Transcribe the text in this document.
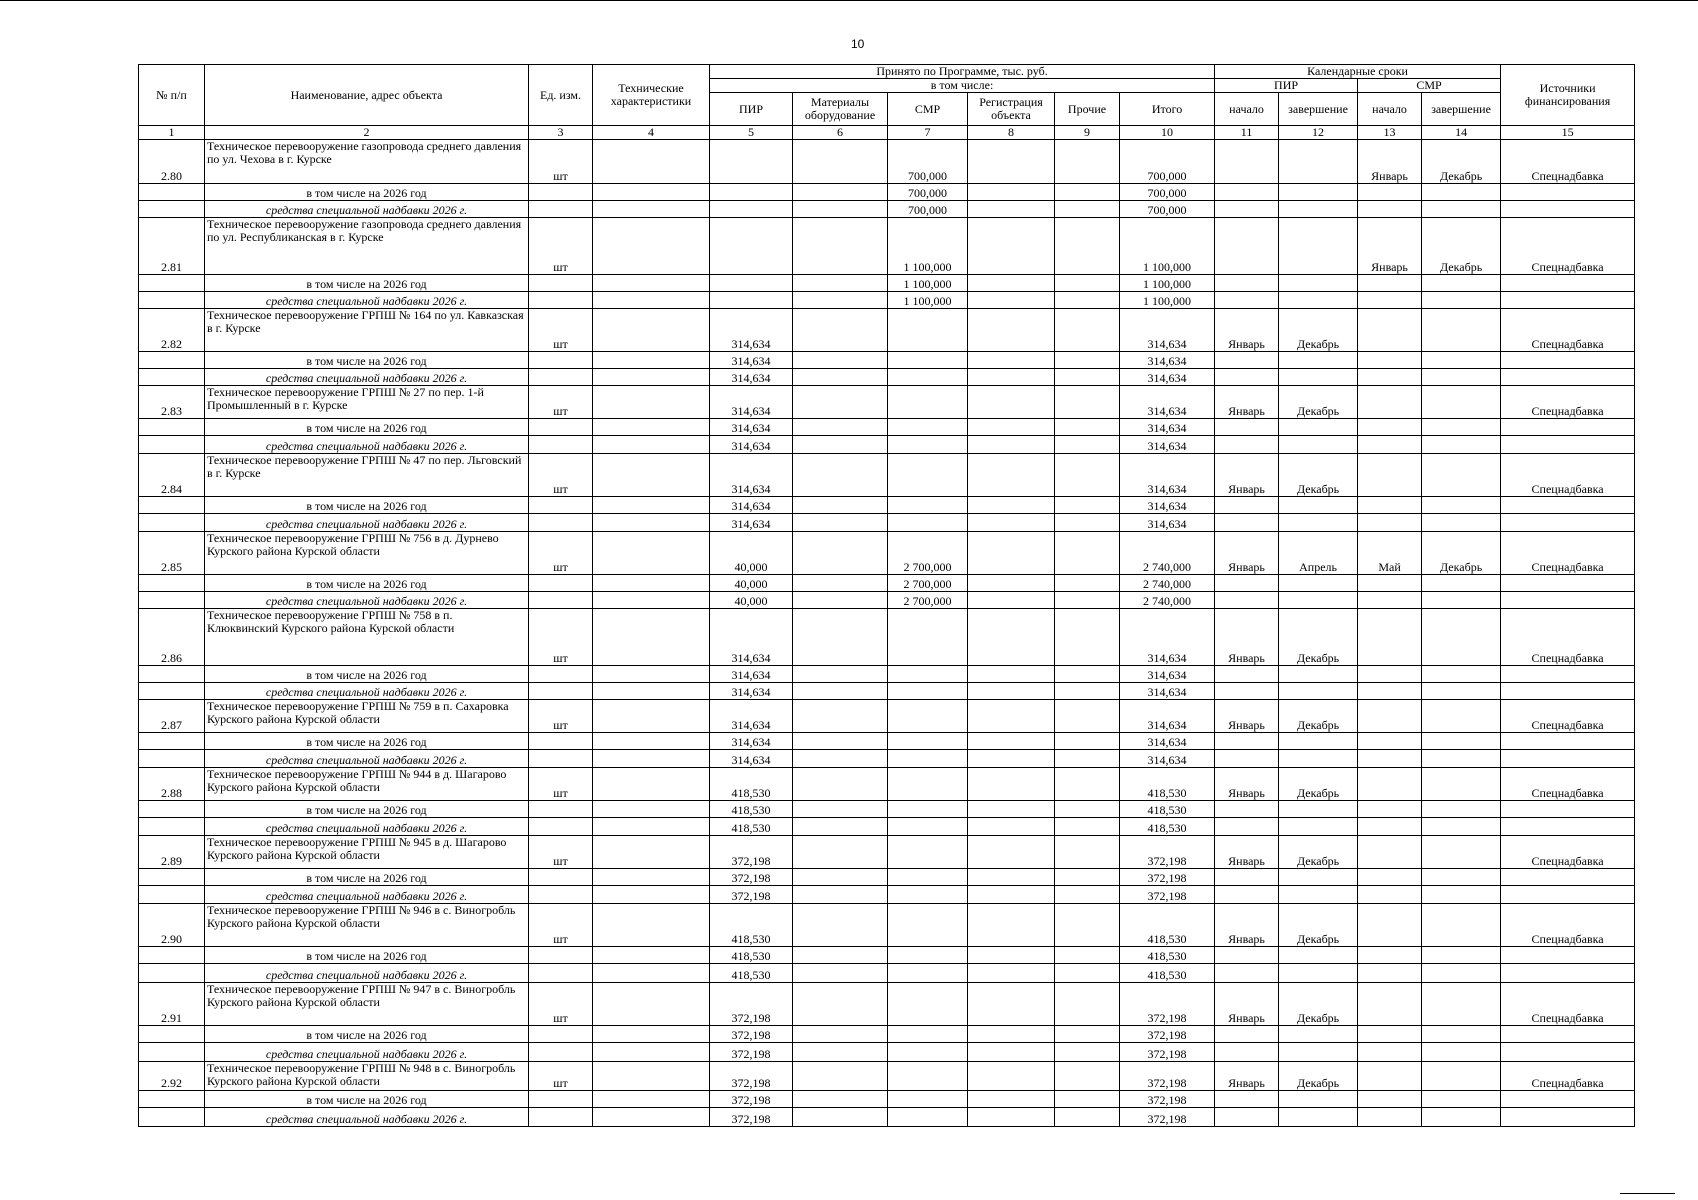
10
№ п/п	Наименование, адрес объекта	Ед. изм.	Технические характеристики	Принято по Программе, тыс. руб.						Календарные сроки				Источники финансирования
				в том числе:						ПИР		СМР		
				ПИР	Материалы оборудование	СМР	Регистрация объекта	Прочие	Итого	начало	завершение	начало	завершение	
1	2	3	4	5	6	7	8	9	10	11	12	13	14	15
2.80	Техническое перевооружение газопровода среднего давления по ул. Чехова в г. Курске	шт				700,000			700,000			Январь	Декабрь	Спецнадбавка
	в том числе на 2026 год					700,000			700,000					
	средства специальной надбавки 2026 г.					700,000			700,000					
2.81	Техническое перевооружение газопровода среднего давления по ул. Республиканская в г. Курске	шт				1 100,000			1 100,000			Январь	Декабрь	Спецнадбавка
	в том числе на 2026 год					1 100,000			1 100,000					
	средства специальной надбавки 2026 г.					1 100,000			1 100,000					
2.82	Техническое перевооружение ГРПШ № 164 по ул. Кавказская в г. Курске	шт		314,634					314,634	Январь	Декабрь			Спецнадбавка
	в том числе на 2026 год			314,634					314,634					
	средства специальной надбавки 2026 г.			314,634					314,634					
2.83	Техническое перевооружение ГРПШ № 27 по пер. 1-й Промышленный в г. Курске	шт		314,634					314,634	Январь	Декабрь			Спецнадбавка
	в том числе на 2026 год			314,634					314,634					
	средства специальной надбавки 2026 г.			314,634					314,634					
2.84	Техническое перевооружение ГРПШ № 47 по пер. Льговский в г. Курске	шт		314,634					314,634	Январь	Декабрь			Спецнадбавка
	в том числе на 2026 год			314,634					314,634					
	средства специальной надбавки 2026 г.			314,634					314,634					
2.85	Техническое перевооружение ГРПШ № 756 в д. Дурнево Курского района Курской области	шт		40,000		2 700,000			2 740,000	Январь	Апрель	Май	Декабрь	Спецнадбавка
	в том числе на 2026 год			40,000		2 700,000			2 740,000					
	средства специальной надбавки 2026 г.			40,000		2 700,000			2 740,000					
2.86	Техническое перевооружение ГРПШ № 758 в п. Клюквинский Курского района Курской области	шт		314,634					314,634	Январь	Декабрь			Спецнадбавка
	в том числе на 2026 год			314,634					314,634					
	средства специальной надбавки 2026 г.			314,634					314,634					
2.87	Техническое перевооружение ГРПШ № 759 в п. Сахаровка Курского района Курской области	шт		314,634					314,634	Январь	Декабрь			Спецнадбавка
	в том числе на 2026 год			314,634					314,634					
	средства специальной надбавки 2026 г.			314,634					314,634					
2.88	Техническое перевооружение ГРПШ № 944 в д. Шагарово Курского района Курской области	шт		418,530					418,530	Январь	Декабрь			Спецнадбавка
	в том числе на 2026 год			418,530					418,530					
	средства специальной надбавки 2026 г.			418,530					418,530					
2.89	Техническое перевооружение ГРПШ № 945 в д. Шагарово Курского района Курской области	шт		372,198					372,198	Январь	Декабрь			Спецнадбавка
	в том числе на 2026 год			372,198					372,198					
	средства специальной надбавки 2026 г.			372,198					372,198					
2.90	Техническое перевооружение ГРПШ № 946 в с. Виногробль Курского района Курской области	шт		418,530					418,530	Январь	Декабрь			Спецнадбавка
	в том числе на 2026 год			418,530					418,530					
	средства специальной надбавки 2026 г.			418,530					418,530					
2.91	Техническое перевооружение ГРПШ № 947 в с. Виногробль Курского района Курской области	шт		372,198					372,198	Январь	Декабрь			Спецнадбавка
	в том числе на 2026 год			372,198					372,198					
	средства специальной надбавки 2026 г.			372,198					372,198					
2.92	Техническое перевооружение ГРПШ № 948 в с. Виногробль Курского района Курской области	шт		372,198					372,198	Январь	Декабрь			Спецнадбавка
	в том числе на 2026 год			372,198					372,198					
	средства специальной надбавки 2026 г.			372,198					372,198					
